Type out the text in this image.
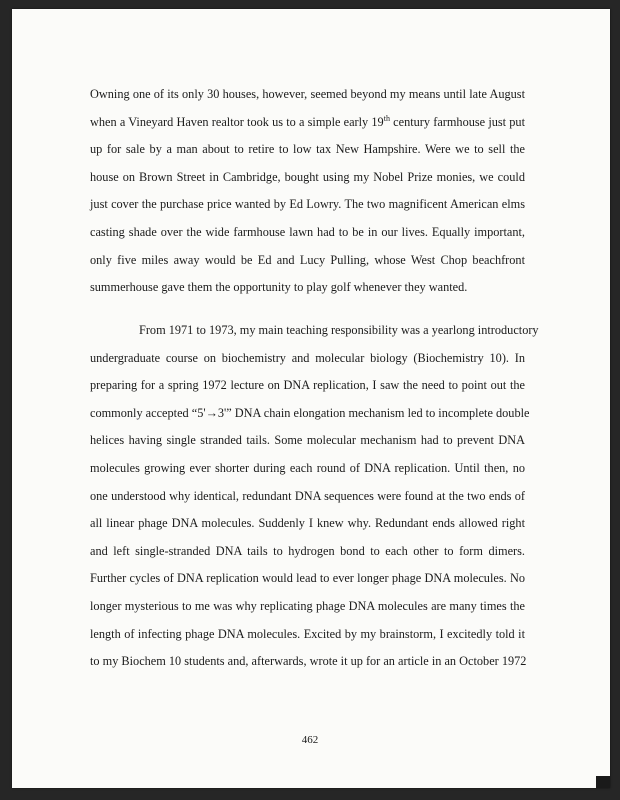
Owning one of its only 30 houses, however, seemed beyond my means until late August
when a Vineyard Haven realtor took us to a simple early 19th century farmhouse just put
up for sale by a man about to retire to low tax New Hampshire. Were we to sell the
house on Brown Street in Cambridge, bought using my Nobel Prize monies, we could
just cover the purchase price wanted by Ed Lowry. The two magnificent American elms
casting shade over the wide farmhouse lawn had to be in our lives. Equally important,
only five miles away would be Ed and Lucy Pulling, whose West Chop beachfront
summerhouse gave them the opportunity to play golf whenever they wanted.
From 1971 to 1973, my main teaching responsibility was a yearlong introductory
undergraduate course on biochemistry and molecular biology (Biochemistry 10). In
preparing for a spring 1972 lecture on DNA replication, I saw the need to point out the
commonly accepted “5'→3'” DNA chain elongation mechanism led to incomplete double
helices having single stranded tails. Some molecular mechanism had to prevent DNA
molecules growing ever shorter during each round of DNA replication. Until then, no
one understood why identical, redundant DNA sequences were found at the two ends of
all linear phage DNA molecules. Suddenly I knew why. Redundant ends allowed right
and left single-stranded DNA tails to hydrogen bond to each other to form dimers.
Further cycles of DNA replication would lead to ever longer phage DNA molecules. No
longer mysterious to me was why replicating phage DNA molecules are many times the
length of infecting phage DNA molecules. Excited by my brainstorm, I excitedly told it
to my Biochem 10 students and, afterwards, wrote it up for an article in an October 1972
462
